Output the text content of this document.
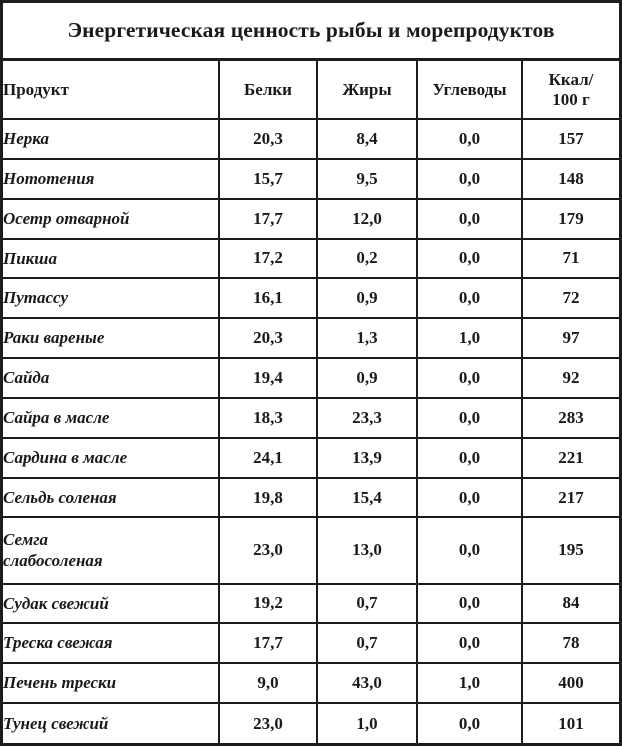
Энергетическая ценность рыбы и морепродуктов
Продукт	Белки	Жиры	Углеводы	Ккал/
100 г

Нерка	20,3	8,4	0,0	157
Нототения	15,7	9,5	0,0	148
Осетр отварной	17,7	12,0	0,0	179
Пикша	17,2	0,2	0,0	71
Путассу	16,1	0,9	0,0	72
Раки вареные	20,3	1,3	1,0	97
Сайда	19,4	0,9	0,0	92
Сайра в масле	18,3	23,3	0,0	283
Сардина в масле	24,1	13,9	0,0	221
Сельдь соленая	19,8	15,4	0,0	217

Семга
слабосоленая	23,0	13,0	0,0	195
Судак свежий	19,2	0,7	0,0	84
Треска свежая	17,7	0,7	0,0	78
Печень трески	9,0	43,0	1,0	400
Тунец свежий	23,0	1,0	0,0	101
